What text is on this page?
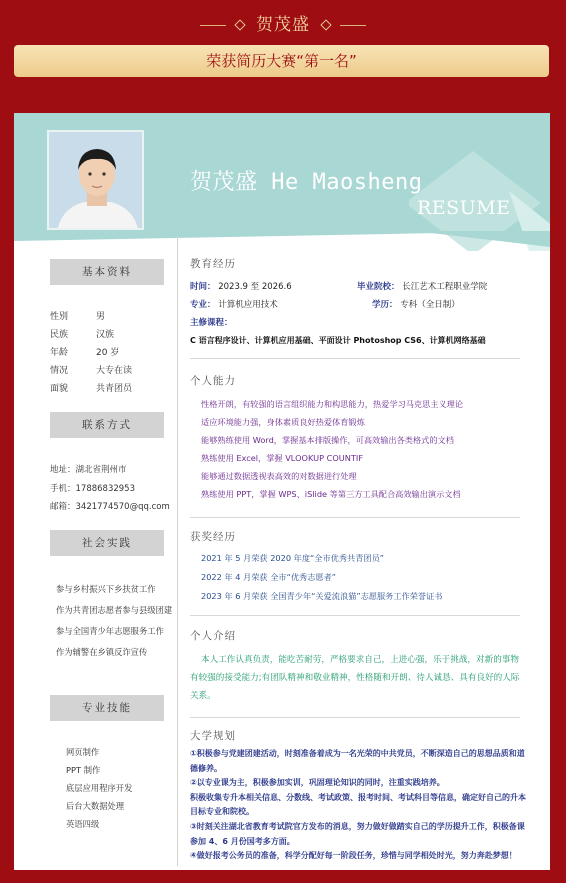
贺茂盛
荣获简历大赛“第一名”
贺茂盛 He Maosheng
RESUME
基本资料
性别	男
民族	汉族
年龄	20 岁
情况	大专在读
面貌	共青团员
联系方式
地址：湖北省荆州市
手机：17886832953
邮箱：3421774570@qq.com
社会实践
参与乡村振兴下乡扶贫工作
作为共青团志愿者参与县级团建
参与全国青少年志愿服务工作
作为辅警在乡镇反诈宣传
专业技能
网页制作
PPT 制作
底层应用程序开发
后台大数据处理
英语四级
教育经历
时间： 2023.9 至 2026.6	毕业院校： 长江艺术工程职业学院
专业： 计算机应用技术	学历： 专科（全日制）
主修课程：
C 语言程序设计、计算机应用基础、平面设计 Photoshop CS6、计算机网络基础
个人能力
性格开朗，有较强的语言组织能力和构思能力，热爱学习马克思主义理论
适应环境能力强，身体素质良好热爱体育锻炼
能够熟练使用 Word，掌握基本排版操作，可高效输出各类格式的文档
熟练使用 Excel，掌握 VLOOKUP COUNTIF
能够通过数据透视表高效的对数据进行处理
熟练使用 PPT，掌握 WPS、iSlide 等第三方工具配合高效输出演示文档
获奖经历
2021 年 5 月荣获 2020 年度“全市优秀共青团员”
2022 年 4 月荣获 全市“优秀志愿者”
2023 年 6 月荣获 全国青少年“关爱流浪猫”志愿服务工作荣誉证书
个人介绍
本人工作认真负责，能吃苦耐劳，严格要求自己，上进心强，乐于挑战，对新的事物有较强的接受能力;有团队精神和敬业精神，性格随和开朗、待人诚恳、具有良好的人际关系。
大学规划
①积极参与党建团建活动，时刻准备着成为一名光荣的中共党员，不断深造自己的思想品质和道德修养。
②以专业课为主，积极参加实训，巩固理论知识的同时，注重实践培养。
积极收集专升本相关信息、分数线、考试政策、报考时间、考试科目等信息，确定好自己的升本目标专业和院校。
③时刻关注湖北省教育考试院官方发布的消息，努力做好做踏实自己的学历提升工作，积极备课参加 4、6 月份国考多方面。
④做好报考公务员的准备，科学分配好每一阶段任务，珍惜与同学相处时光，努力奔赴梦想！
